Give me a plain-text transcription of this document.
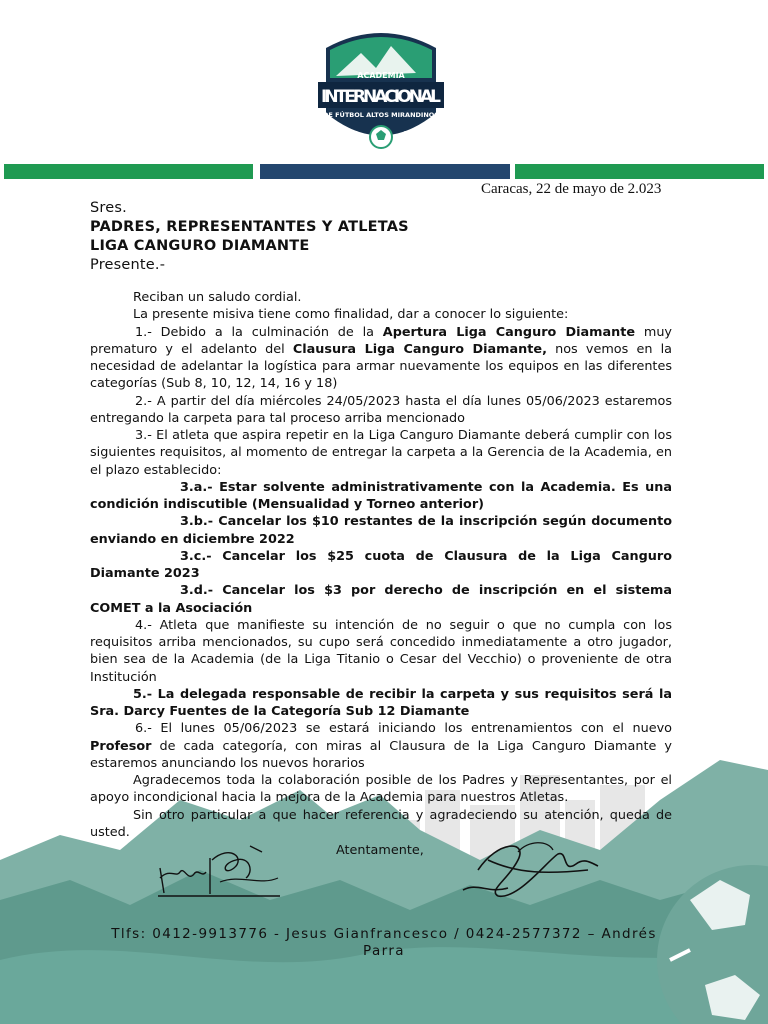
ACADEMIA
INTERNACIONAL
DE FÚTBOL ALTOS MIRANDINOS
20	22
Caracas, 22 de mayo de 2.023
Sres.
PADRES, REPRESENTANTES Y ATLETAS
LIGA CANGURO DIAMANTE
Presente.-

Reciban un saludo cordial.

La presente misiva tiene como finalidad, dar a conocer lo siguiente:

1.- Debido a la culminación de la Apertura Liga Canguro Diamante muy prematuro y el adelanto del Clausura Liga Canguro Diamante, nos vemos en la necesidad de adelantar la logística para armar nuevamente los equipos en las diferentes categorías (Sub 8, 10, 12, 14, 16 y 18)

2.- A partir del día miércoles 24/05/2023 hasta el día lunes 05/06/2023 estaremos entregando la carpeta para tal proceso arriba mencionado

3.- El atleta que aspira repetir en la Liga Canguro Diamante deberá cumplir con los siguientes requisitos, al momento de entregar la carpeta a la Gerencia de la Academia, en el plazo establecido:

3.a.- Estar solvente administrativamente con la Academia. Es una condición indiscutible (Mensualidad y Torneo anterior)

3.b.- Cancelar los $10 restantes de la inscripción según documento enviando en diciembre 2022

3.c.- Cancelar los $25 cuota de Clausura de la Liga Canguro Diamante 2023

3.d.- Cancelar los $3 por derecho de inscripción en el sistema COMET a la Asociación

4.- Atleta que manifieste su intención de no seguir o que no cumpla con los requisitos arriba mencionados, su cupo será concedido inmediatamente a otro jugador, bien sea de la Academia (de la Liga Titanio o Cesar del Vecchio) o proveniente de otra Institución

5.- La delegada responsable de recibir la carpeta y sus requisitos será la Sra. Darcy Fuentes de la Categoría Sub 12 Diamante

6.- El lunes 05/06/2023 se estará iniciando los entrenamientos con el nuevo Profesor de cada categoría, con miras al Clausura de la Liga Canguro Diamante y estaremos anunciando los nuevos horarios

Agradecemos toda la colaboración posible de los Padres y Representantes, por el apoyo incondicional hacia la mejora de la Academia para nuestros Atletas.

Sin otro particular a que hacer referencia y agradeciendo su atención, queda de usted.

Atentamente,

Tlfs: 0412-9913776 - Jesus Gianfrancesco / 0424-2577372 – Andrés

Parra
